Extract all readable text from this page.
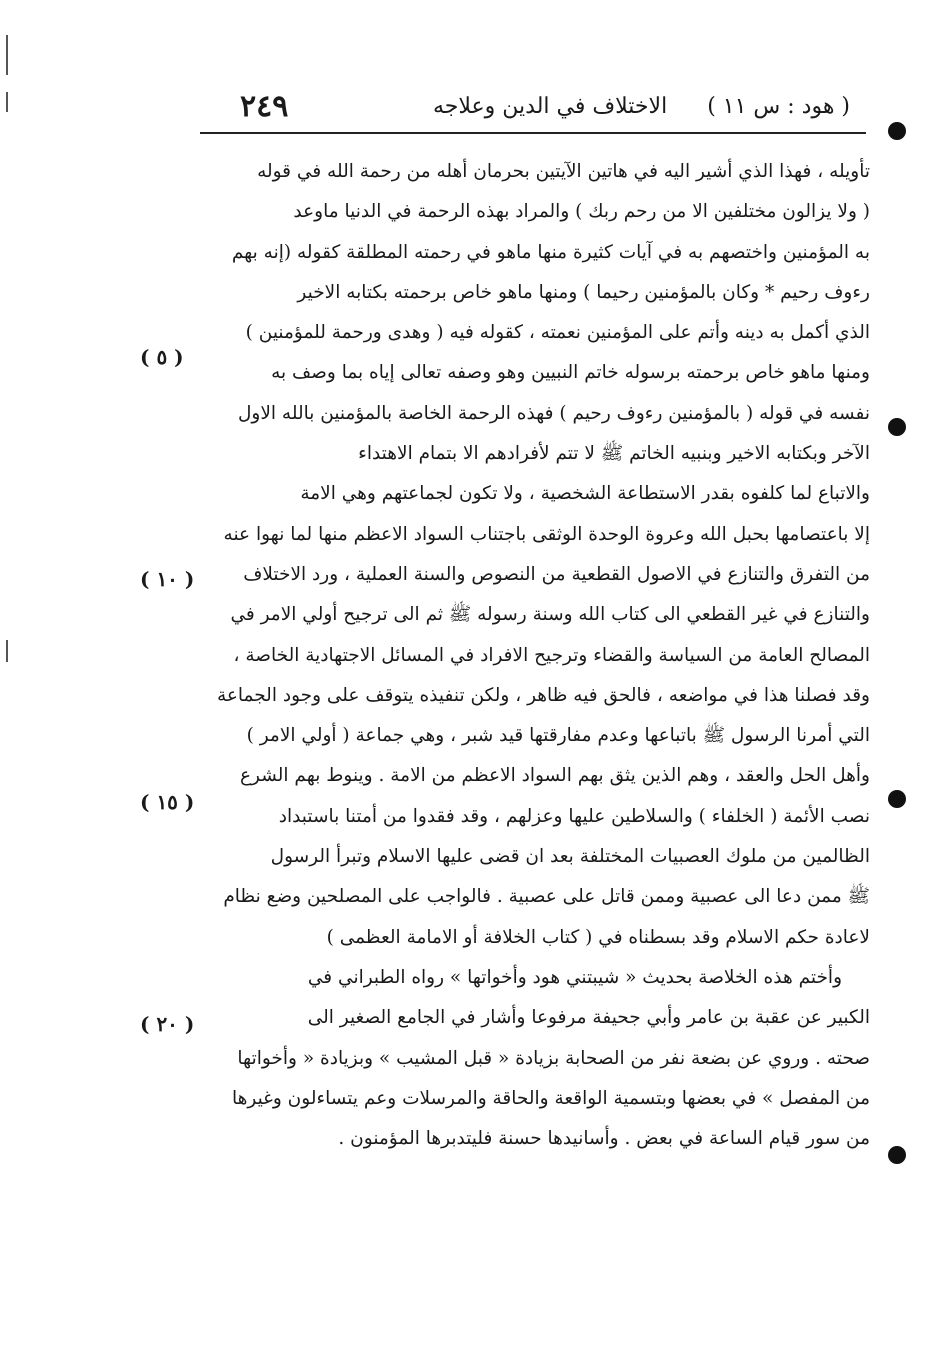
( هود : س ١١ )
الاختلاف في الدين وعلاجه
٢٤٩
( ٥ )
( ١٠ )
( ١٥ )
( ٢٠ )
تأويله ، فهذا الذي أشير اليه في هاتين الآيتين بحرمان أهله من رحمة الله في قوله
( ولا يزالون مختلفين الا من رحم ربك ) والمراد بهذه الرحمة في الدنيا ماوعد
به المؤمنين واختصهم به في آيات كثيرة منها ماهو في رحمته المطلقة كقوله (إنه بهم
رءوف رحيم * وكان بالمؤمنين رحيما ) ومنها ماهو خاص برحمته بكتابه الاخير
الذي أكمل به دينه وأتم على المؤمنين نعمته ، كقوله فيه ( وهدى ورحمة للمؤمنين )
ومنها ماهو خاص برحمته برسوله خاتم النبيين وهو وصفه تعالى إياه بما وصف به
نفسه في قوله ( بالمؤمنين رءوف رحيم ) فهذه الرحمة الخاصة بالمؤمنين بالله الاول
الآخر وبكتابه الاخير وبنبيه الخاتم ﷺ لا تتم لأفرادهم الا بتمام الاهتداء
والاتباع لما كلفوه بقدر الاستطاعة الشخصية ، ولا تكون لجماعتهم وهي الامة
إلا باعتصامها بحبل الله وعروة الوحدة الوثقى باجتناب السواد الاعظم منها لما نهوا عنه
من التفرق والتنازع في الاصول القطعية من النصوص والسنة العملية ، ورد الاختلاف
والتنازع في غير القطعي الى كتاب الله وسنة رسوله ﷺ ثم الى ترجيح أولي الامر في
المصالح العامة من السياسة والقضاء وترجيح الافراد في المسائل الاجتهادية الخاصة ،
وقد فصلنا هذا في مواضعه ، فالحق فيه ظاهر ، ولكن تنفيذه يتوقف على وجود الجماعة
التي أمرنا الرسول ﷺ باتباعها وعدم مفارقتها قيد شبر ، وهي جماعة ( أولي الامر )
وأهل الحل والعقد ، وهم الذين يثق بهم السواد الاعظم من الامة . وينوط بهم الشرع
نصب الأئمة ( الخلفاء ) والسلاطين عليها وعزلهم ، وقد فقدوا من أمتنا باستبداد
الظالمين من ملوك العصبيات المختلفة بعد ان قضى عليها الاسلام وتبرأ الرسول
ﷺ ممن دعا الى عصبية وممن قاتل على عصبية . فالواجب على المصلحين وضع نظام
لاعادة حكم الاسلام وقد بسطناه في ( كتاب الخلافة أو الامامة العظمى )
وأختم هذه الخلاصة بحديث « شيبتني هود وأخواتها » رواه الطبراني في
الكبير عن عقبة بن عامر وأبي جحيفة مرفوعا وأشار في الجامع الصغير الى
صحته . وروي عن بضعة نفر من الصحابة بزيادة « قبل المشيب » وبزيادة « وأخواتها
من المفصل » في بعضها وبتسمية الواقعة والحاقة والمرسلات وعم يتساءلون وغيرها
من سور قيام الساعة في بعض . وأسانيدها حسنة فليتدبرها المؤمنون .
